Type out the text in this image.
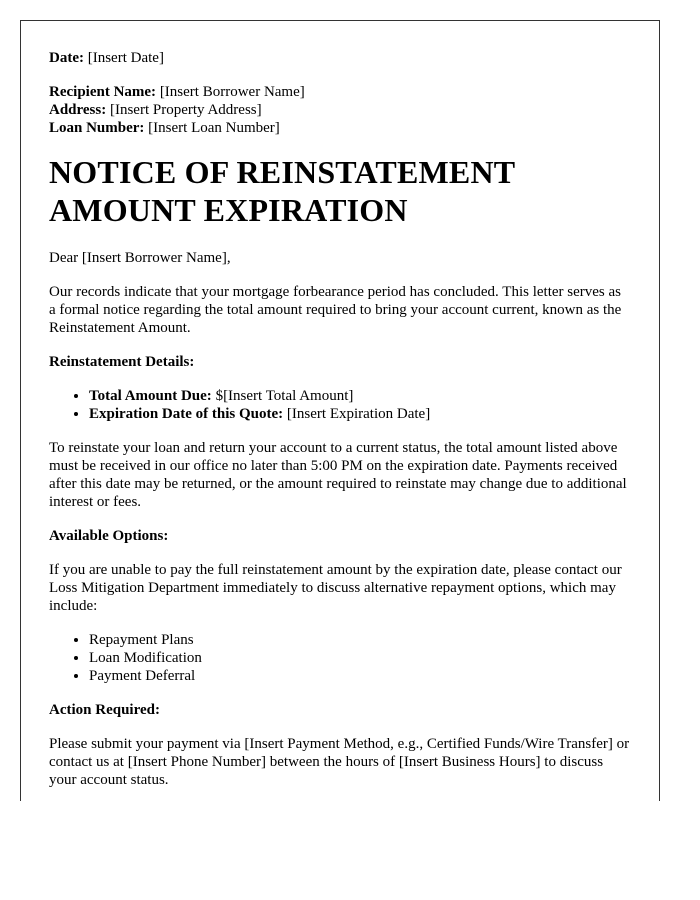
Date: [Insert Date]

Recipient Name: [Insert Borrower Name]
Address: [Insert Property Address]
Loan Number: [Insert Loan Number]
NOTICE OF REINSTATEMENT AMOUNT EXPIRATION

Dear [Insert Borrower Name],

Our records indicate that your mortgage forbearance period has concluded. This letter serves as a formal notice regarding the total amount required to bring your account current, known as the Reinstatement Amount.

Reinstatement Details:

• Total Amount Due: $[Insert Total Amount]
• Expiration Date of this Quote: [Insert Expiration Date]

To reinstate your loan and return your account to a current status, the total amount listed above must be received in our office no later than 5:00 PM on the expiration date. Payments received after this date may be returned, or the amount required to reinstate may change due to additional interest or fees.

Available Options:

If you are unable to pay the full reinstatement amount by the expiration date, please contact our Loss Mitigation Department immediately to discuss alternative repayment options, which may include:

• Repayment Plans
• Loan Modification
• Payment Deferral

Action Required:

Please submit your payment via [Insert Payment Method, e.g., Certified Funds/Wire Transfer] or contact us at [Insert Phone Number] between the hours of [Insert Business Hours] to discuss your account status.
